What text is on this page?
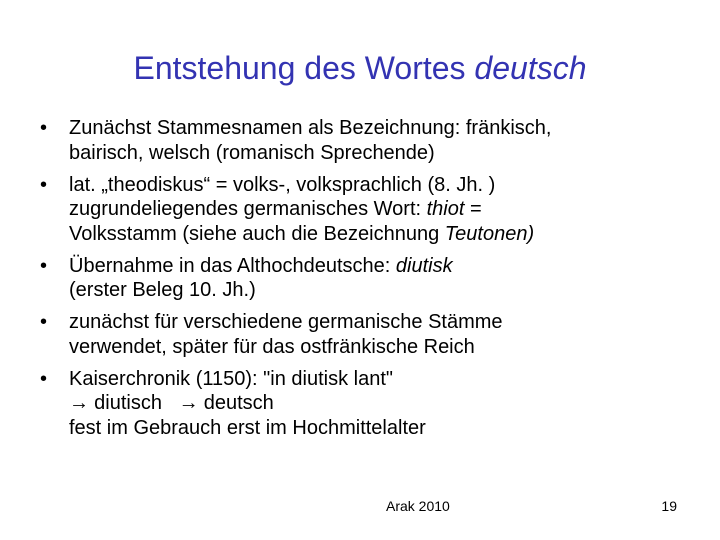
Entstehung des Wortes deutsch
•	Zunächst Stammesnamen als Bezeichnung: fränkisch,
bairisch, welsch (romanisch Sprechende)
•	lat. „theodiskus“ = volks-, volksprachlich (8. Jh. )
zugrundeliegendes germanisches Wort: thiot =
Volksstamm (siehe auch die Bezeichnung Teutonen)
•	Übernahme in das Althochdeutsche: diutisk
(erster Beleg 10. Jh.)
•	zunächst für verschiedene germanische Stämme
verwendet, später für das ostfränkische Reich
•	Kaiserchronik (1150): "in diutisk lant"
→ diutisch → deutsch
fest im Gebrauch erst im Hochmittelalter
Arak 2010	19
